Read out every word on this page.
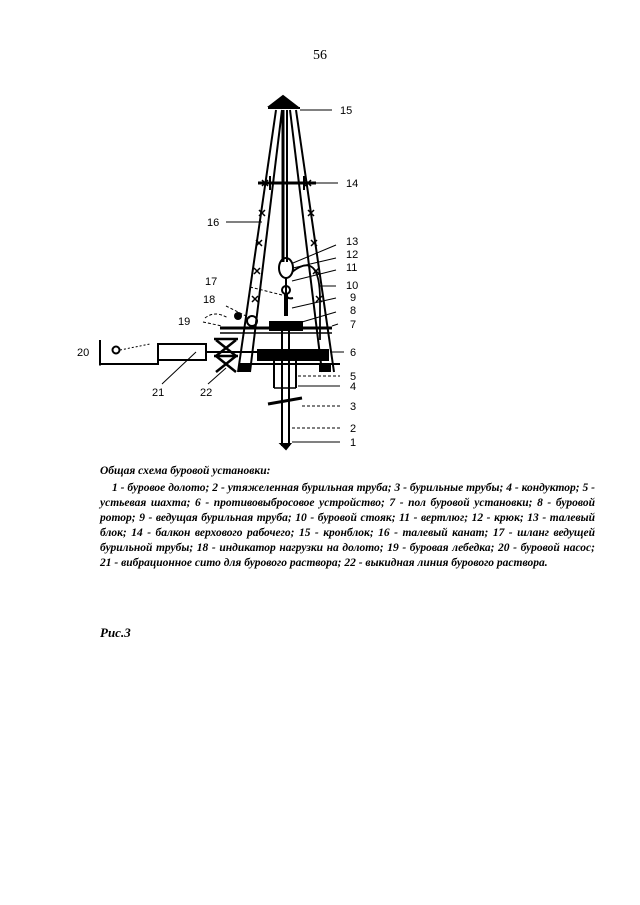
56
15
14
16
13
12
11
17	10
18	9
8
19	7
20	6
5
21	22	4
3
2
1

Общая схема буровой установки:

1 - буровое долото; 2 - утяжеленная бурильная труба; 3 - бурильные трубы; 4 - кондуктор; 5 - устьевая шахта; 6 - противовыбросовое устройство; 7 - пол буровой установки; 8 - буровой ротор; 9 - ведущая бурильная труба; 10 - буровой стояк; 11 - вертлюг; 12 - крюк; 13 - талевый блок; 14 - балкон верхового рабочего; 15 - кронблок; 16 - талевый канат; 17 - шланг ведущей бурильной трубы; 18 - индикатор нагрузки на долото; 19 - буровая лебедка; 20 - буровой насос; 21 - вибрационное сито для бурового раствора; 22 - выкидная линия бурового раствора.

Рис.3
